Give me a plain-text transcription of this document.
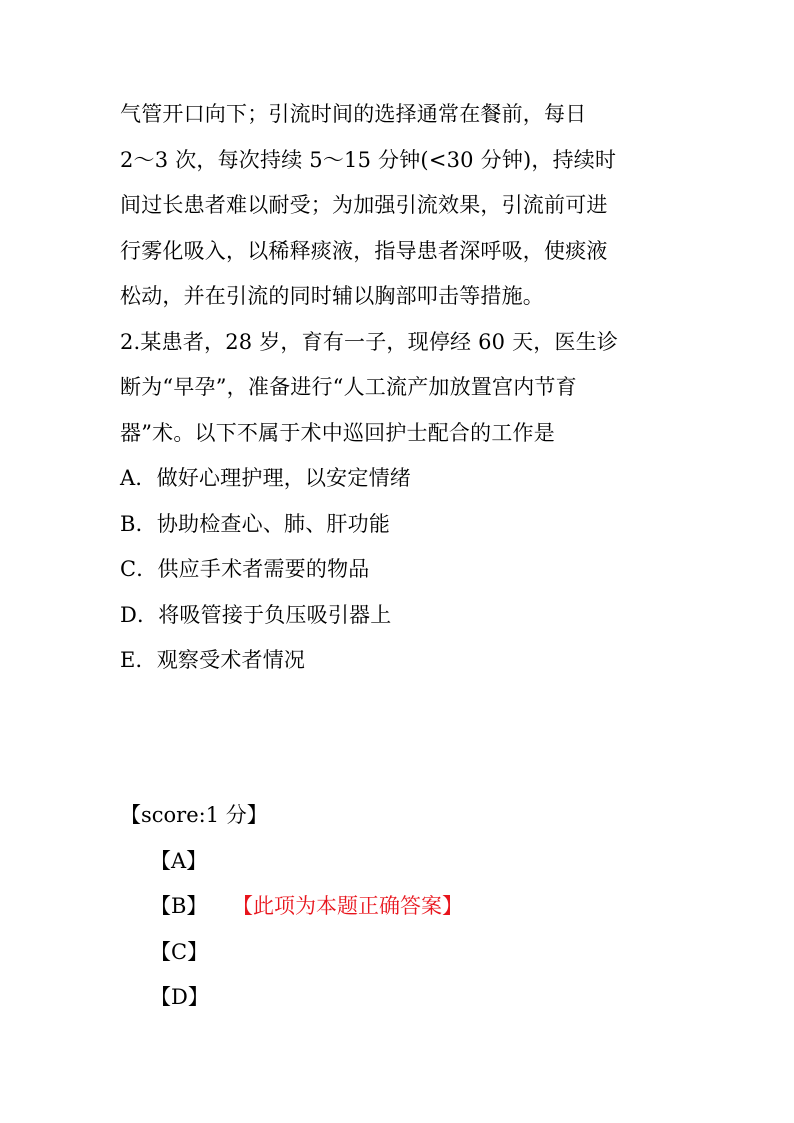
气管开口向下；引流时间的选择通常在餐前，每日
2～3 次，每次持续 5～15 分钟(<30 分钟)，持续时
间过长患者难以耐受；为加强引流效果，引流前可进
行雾化吸入，以稀释痰液，指导患者深呼吸，使痰液
松动，并在引流的同时辅以胸部叩击等措施。
2.某患者，28 岁，育有一子，现停经 60 天，医生诊
断为“早孕”，准备进行“人工流产加放置宫内节育
器”术。以下不属于术中巡回护士配合的工作是
A．做好心理护理，以安定情绪
B．协助检查心、肺、肝功能
C．供应手术者需要的物品
D．将吸管接于负压吸引器上
E．观察受术者情况
【score:1 分】
【A】
【B】 【此项为本题正确答案】
【C】
【D】
